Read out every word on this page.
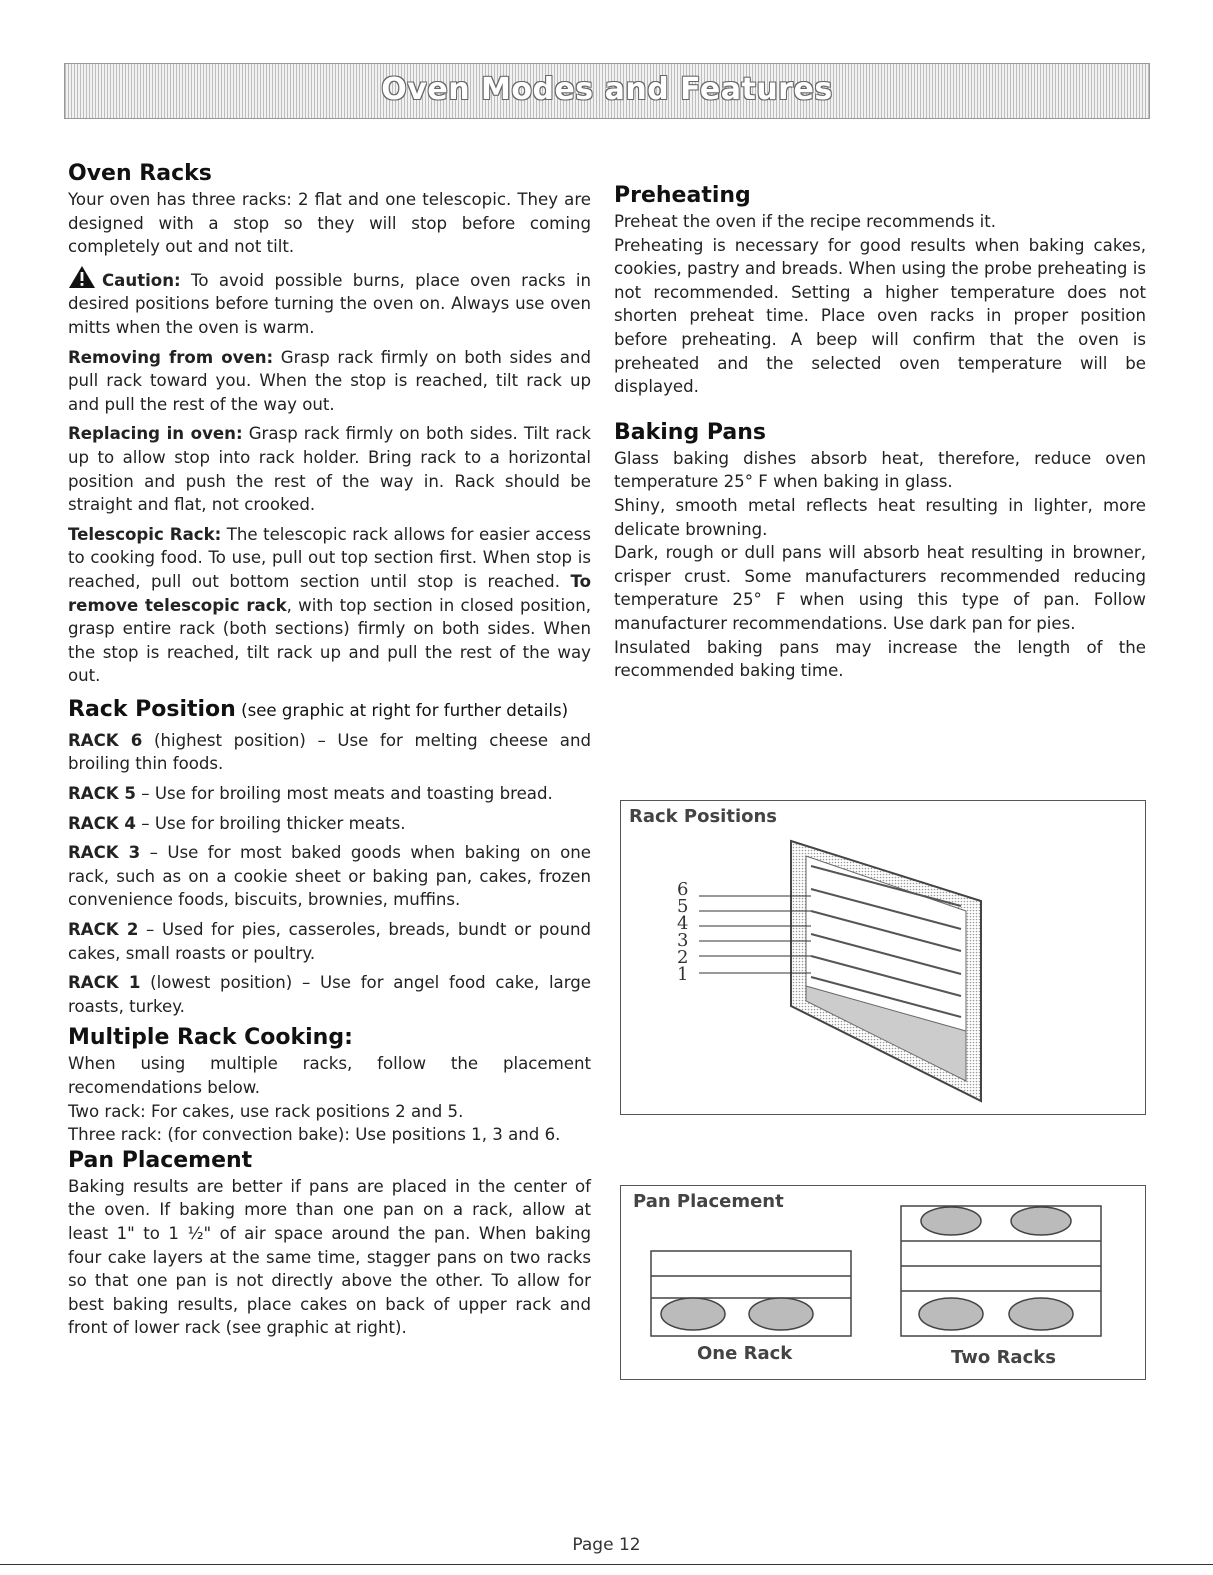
Oven Modes and Features
Oven Racks

Your oven has three racks: 2 flat and one telescopic. They are designed with a stop so they will stop before coming completely out and not tilt.

Caution: To avoid possible burns, place oven racks in desired positions before turning the oven on. Always use oven mitts when the oven is warm.

Removing from oven: Grasp rack firmly on both sides and pull rack toward you. When the stop is reached, tilt rack up and pull the rest of the way out.

Replacing in oven: Grasp rack firmly on both sides. Tilt rack up to allow stop into rack holder. Bring rack to a horizontal position and push the rest of the way in. Rack should be straight and flat, not crooked.

Telescopic Rack: The telescopic rack allows for easier access to cooking food. To use, pull out top section first. When stop is reached, pull out bottom section until stop is reached. To remove telescopic rack, with top section in closed position, grasp entire rack (both sections) firmly on both sides. When the stop is reached, tilt rack up and pull the rest of the way out.

Rack Position (see graphic at right for further details)

RACK 6 (highest position) – Use for melting cheese and broiling thin foods.

RACK 5 – Use for broiling most meats and toasting bread.

RACK 4 – Use for broiling thicker meats.

RACK 3 – Use for most baked goods when baking on one rack, such as on a cookie sheet or baking pan, cakes, frozen convenience foods, biscuits, brownies, muffins.

RACK 2 – Used for pies, casseroles, breads, bundt or pound cakes, small roasts or poultry.

RACK 1 (lowest position) – Use for angel food cake, large roasts, turkey.

Multiple Rack Cooking:

When using multiple racks, follow the placement recomendations below.

Two rack: For cakes, use rack positions 2 and 5.

Three rack: (for convection bake): Use positions 1, 3 and 6.

Pan Placement

Baking results are better if pans are placed in the center of the oven. If baking more than one pan on a rack, allow at least 1" to 1 ½" of air space around the pan. When baking four cake layers at the same time, stagger pans on two racks so that one pan is not directly above the other. To allow for best baking results, place cakes on back of upper rack and front of lower rack (see graphic at right).

Preheating

Preheat the oven if the recipe recommends it.

Preheating is necessary for good results when baking cakes, cookies, pastry and breads. When using the probe preheating is not recommended. Setting a higher temperature does not shorten preheat time. Place oven racks in proper position before preheating. A beep will confirm that the oven is preheated and the selected oven temperature will be displayed.

Baking Pans

Glass baking dishes absorb heat, therefore, reduce oven temperature 25° F when baking in glass.

Shiny, smooth metal reflects heat resulting in lighter, more delicate browning.

Dark, rough or dull pans will absorb heat resulting in browner, crisper crust. Some manufacturers recommended reducing temperature 25° F when using this type of pan. Follow manufacturer recommendations. Use dark pan for pies.

Insulated baking pans may increase the length of the recommended baking time.

Rack Positions
6
5
4
3
2
1
Pan Placement
One Rack	Two Racks
Page 12
